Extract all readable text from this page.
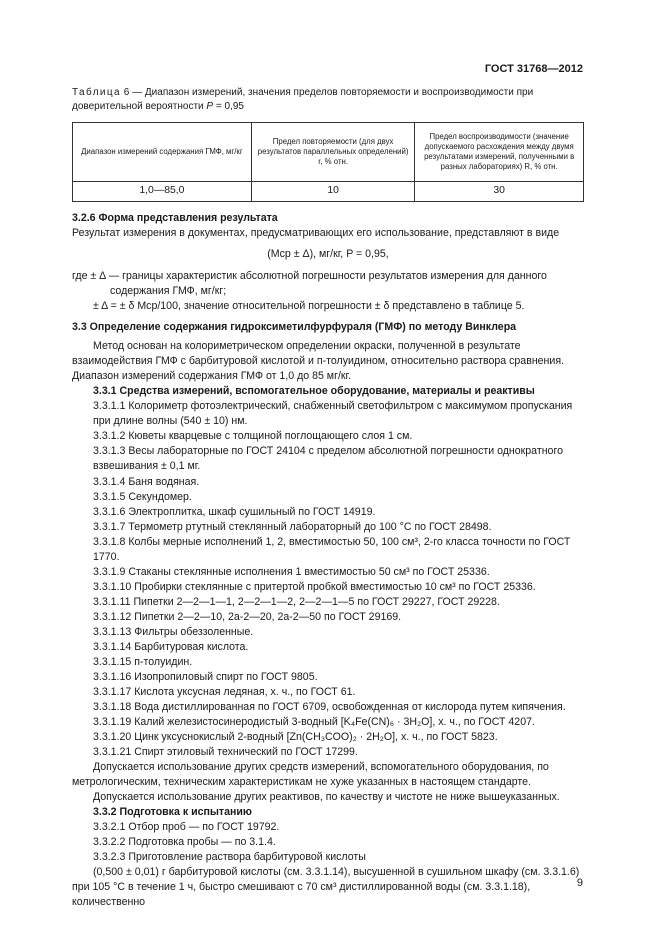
ГОСТ 31768—2012

Таблица 6 — Диапазон измерений, значения пределов повторяемости и воспроизводимости при доверительной вероятности P = 0,95

Диапазон измерений содержания ГМФ, мг/кг	Предел повторяемости (для двух результатов параллельных определений) r, % отн.	Предел воспроизводимости (значение допускаемого расхождения между двумя результатами измерений, полученными в разных лабораториях) R, % отн.
1,0—85,0	10	30

3.2.6 Форма представления результата

Результат измерения в документах, предусматривающих его использование, представляют в виде

(Mср ± Δ), мг/кг, P = 0,95,

где ± Δ — границы характеристик абсолютной погрешности результатов измерения для данного содержания ГМФ, мг/кг;

± Δ = ± δ Mср/100, значение относительной погрешности ± δ представлено в таблице 5.

3.3 Определение содержания гидроксиметилфурфураля (ГМФ) по методу Винклера

Метод основан на колориметрическом определении окраски, полученной в результате взаимодействия ГМФ с барбитуровой кислотой и п-толуидином, относительно раствора сравнения. Диапазон измерений содержания ГМФ от 1,0 до 85 мг/кг.

3.3.1 Средства измерений, вспомогательное оборудование, материалы и реактивы

3.3.1.1 Колориметр фотоэлектрический, снабженный светофильтром с максимумом пропускания при длине волны (540 ± 10) нм.

3.3.1.2 Кюветы кварцевые с толщиной поглощающего слоя 1 см.

3.3.1.3 Весы лабораторные по ГОСТ 24104 с пределом абсолютной погрешности однократного взвешивания ± 0,1 мг.

3.3.1.4 Баня водяная.

3.3.1.5 Секундомер.

3.3.1.6 Электроплитка, шкаф сушильный по ГОСТ 14919.

3.3.1.7 Термометр ртутный стеклянный лабораторный до 100 °С по ГОСТ 28498.

3.3.1.8 Колбы мерные исполнений 1, 2, вместимостью 50, 100 см³, 2-го класса точности по ГОСТ 1770.

3.3.1.9 Стаканы стеклянные исполнения 1 вместимостью 50 см³ по ГОСТ 25336.

3.3.1.10 Пробирки стеклянные с притертой пробкой вместимостью 10 см³ по ГОСТ 25336.

3.3.1.11 Пипетки 2—2—1—1, 2—2—1—2, 2—2—1—5 по ГОСТ 29227, ГОСТ 29228.

3.3.1.12 Пипетки 2—2—10, 2а-2—20, 2а-2—50 по ГОСТ 29169.

3.3.1.13 Фильтры обеззоленные.

3.3.1.14 Барбитуровая кислота.

3.3.1.15 п-толуидин.

3.3.1.16 Изопропиловый спирт по ГОСТ 9805.

3.3.1.17 Кислота уксусная ледяная, х. ч., по ГОСТ 61.

3.3.1.18 Вода дистиллированная по ГОСТ 6709, освобожденная от кислорода путем кипячения.

3.3.1.19 Калий железистосинеродистый 3-водный [K₄Fe(CN)₆ · 3H₂O], х. ч., по ГОСТ 4207.

3.3.1.20 Цинк уксуснокислый 2-водный [Zn(CH₃COO)₂ · 2H₂O], х. ч., по ГОСТ 5823.

3.3.1.21 Спирт этиловый технический по ГОСТ 17299.

Допускается использование других средств измерений, вспомогательного оборудования, по метрологическим, техническим характеристикам не хуже указанных в настоящем стандарте.

Допускается использование других реактивов, по качеству и чистоте не ниже вышеуказанных.

3.3.2 Подготовка к испытанию

3.3.2.1 Отбор проб — по ГОСТ 19792.

3.3.2.2 Подготовка пробы — по 3.1.4.

3.3.2.3 Приготовление раствора барбитуровой кислоты

(0,500 ± 0,01) г барбитуровой кислоты (см. 3.3.1.14), высушенной в сушильном шкафу (см. 3.3.1.6) при 105 °С в течение 1 ч, быстро смешивают с 70 см³ дистиллированной воды (см. 3.3.1.18), количественно

9
